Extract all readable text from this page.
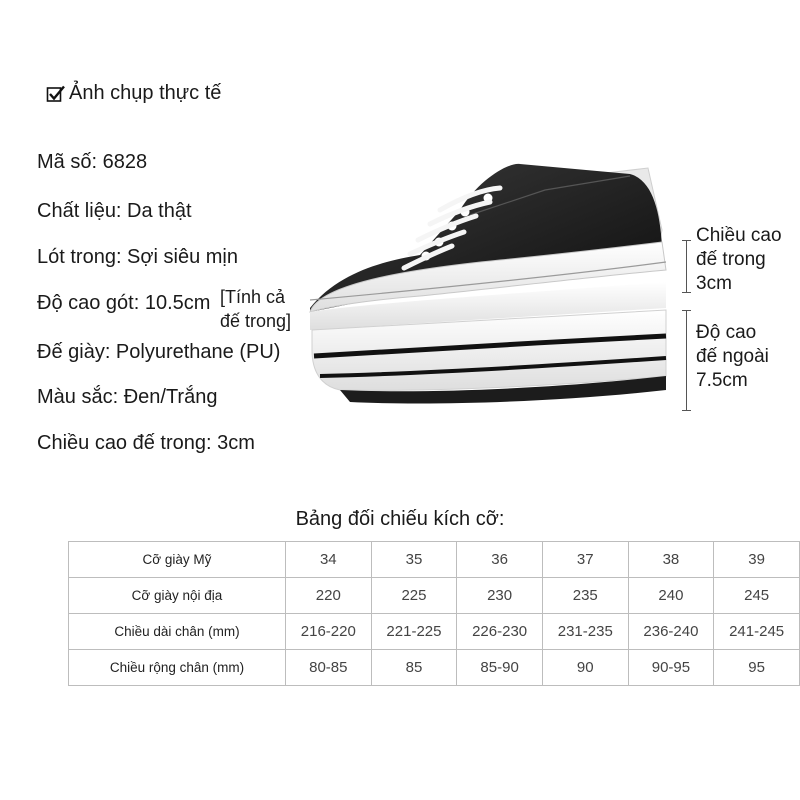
Ảnh chụp thực tế
Mã số: 6828
Chất liệu: Da thật
Lót trong: Sợi siêu mịn
Độ cao gót: 10.5cm [Tính cả
đế trong]
Đế giày: Polyurethane (PU)
Màu sắc: Đen/Trắng
Chiều cao đế trong: 3cm
Chiều cao
đế trong
3cm
Độ cao
đế ngoài
7.5cm
Bảng đối chiếu kích cỡ:
Cỡ giày Mỹ	34	35	36	37	38	39
Cỡ giày nội địa	220	225	230	235	240	245
Chiều dài chân (mm)	216-220	221-225	226-230	231-235	236-240	241-245
Chiều rộng chân (mm)	80-85	85	85-90	90	90-95	95
